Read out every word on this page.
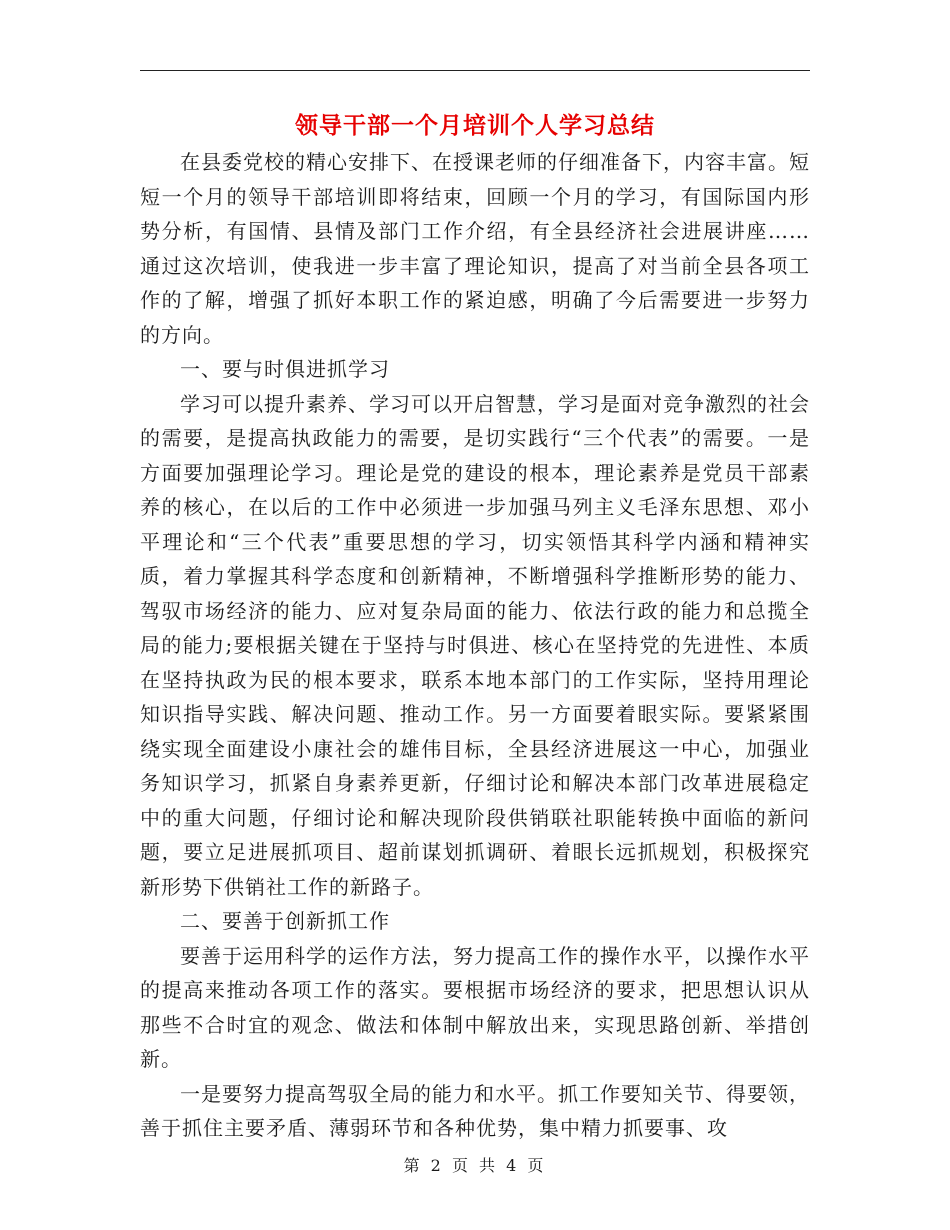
领导干部一个月培训个人学习总结

在县委党校的精心安排下、在授课老师的仔细准备下，内容丰富。短短一个月的领导干部培训即将结束，回顾一个月的学习，有国际国内形势分析，有国情、县情及部门工作介绍，有全县经济社会进展讲座……通过这次培训，使我进一步丰富了理论知识，提高了对当前全县各项工作的了解，增强了抓好本职工作的紧迫感，明确了今后需要进一步努力的方向。

一、要与时俱进抓学习

学习可以提升素养、学习可以开启智慧，学习是面对竞争激烈的社会的需要，是提高执政能力的需要，是切实践行“三个代表”的需要。一是方面要加强理论学习。理论是党的建设的根本，理论素养是党员干部素养的核心，在以后的工作中必须进一步加强马列主义毛泽东思想、邓小平理论和“三个代表”重要思想的学习，切实领悟其科学内涵和精神实质，着力掌握其科学态度和创新精神，不断增强科学推断形势的能力、驾驭市场经济的能力、应对复杂局面的能力、依法行政的能力和总揽全局的能力;要根据关键在于坚持与时俱进、核心在坚持党的先进性、本质在坚持执政为民的根本要求，联系本地本部门的工作实际，坚持用理论知识指导实践、解决问题、推动工作。另一方面要着眼实际。要紧紧围绕实现全面建设小康社会的雄伟目标，全县经济进展这一中心，加强业务知识学习，抓紧自身素养更新，仔细讨论和解决本部门改革进展稳定中的重大问题，仔细讨论和解决现阶段供销联社职能转换中面临的新问题，要立足进展抓项目、超前谋划抓调研、着眼长远抓规划，积极探究新形势下供销社工作的新路子。

二、要善于创新抓工作

要善于运用科学的运作方法，努力提高工作的操作水平，以操作水平的提高来推动各项工作的落实。要根据市场经济的要求，把思想认识从那些不合时宜的观念、做法和体制中解放出来，实现思路创新、举措创新。

一是要努力提高驾驭全局的能力和水平。抓工作要知关节、得要领，善于抓住主要矛盾、薄弱环节和各种优势，集中精力抓要事、攻

第 2 页 共 4 页
